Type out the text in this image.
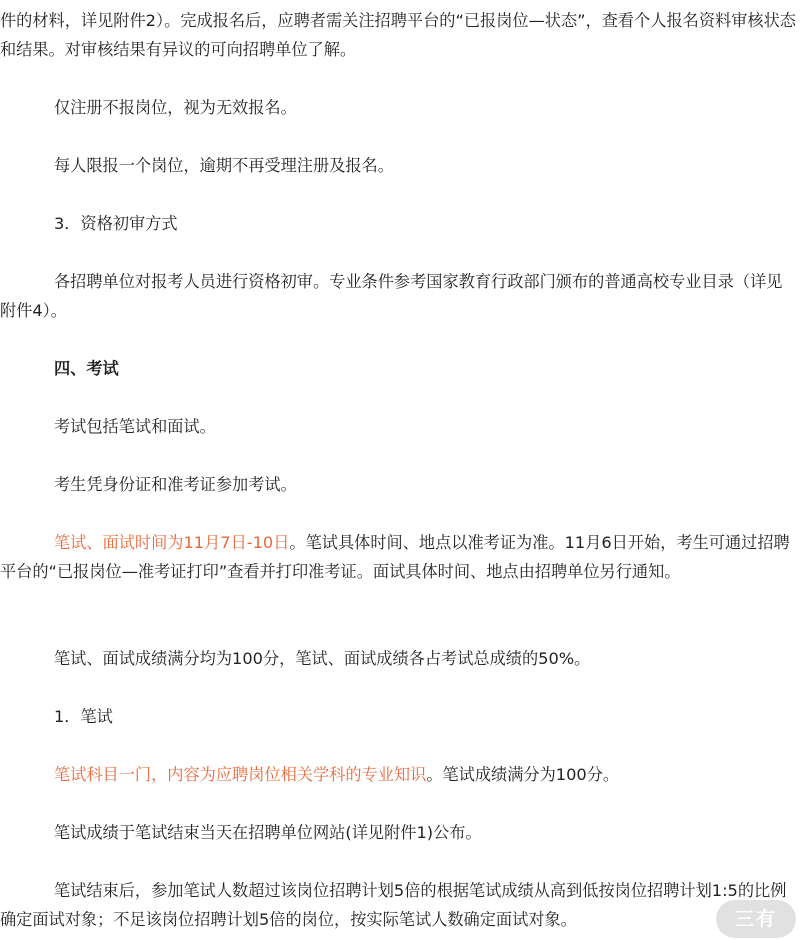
件的材料，详见附件2）。完成报名后，应聘者需关注招聘平台的“已报岗位—状态”，查看个人报名资料审核状态和结果。对审核结果有异议的可向招聘单位了解。

仅注册不报岗位，视为无效报名。

每人限报一个岗位，逾期不再受理注册及报名。

3．资格初审方式

各招聘单位对报考人员进行资格初审。专业条件参考国家教育行政部门颁布的普通高校专业目录（详见附件4）。

四、考试

考试包括笔试和面试。

考生凭身份证和准考证参加考试。

笔试、面试时间为11月7日-10日。笔试具体时间、地点以准考证为准。11月6日开始，考生可通过招聘平台的“已报岗位—准考证打印”查看并打印准考证。面试具体时间、地点由招聘单位另行通知。

笔试、面试成绩满分均为100分，笔试、面试成绩各占考试总成绩的50%。

1．笔试

笔试科目一门，内容为应聘岗位相关学科的专业知识。笔试成绩满分为100分。

笔试成绩于笔试结束当天在招聘单位网站(详见附件1)公布。

笔试结束后，参加笔试人数超过该岗位招聘计划5倍的根据笔试成绩从高到低按岗位招聘计划1:5的比例确定面试对象；不足该岗位招聘计划5倍的岗位，按实际笔试人数确定面试对象。	三有
